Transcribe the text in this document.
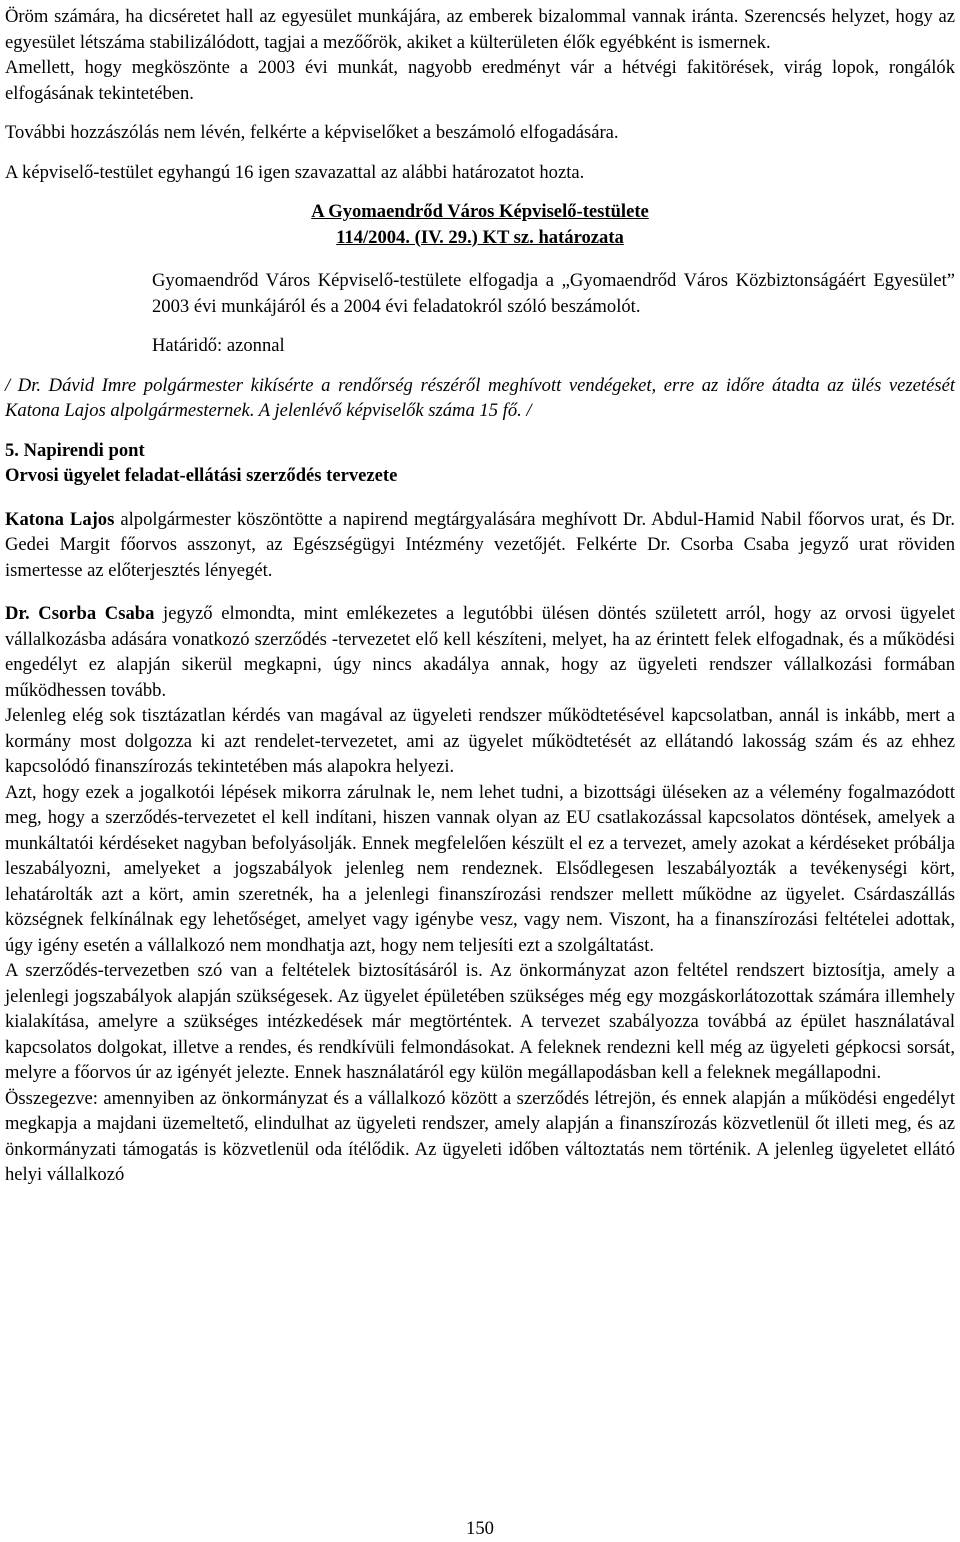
Öröm számára, ha dicséretet hall az egyesület munkájára, az emberek bizalommal vannak iránta. Szerencsés helyzet, hogy az egyesület létszáma stabilizálódott, tagjai a mezőőrök, akiket a külterületen élők egyébként is ismernek.

Amellett, hogy megköszönte a 2003 évi munkát, nagyobb eredményt vár a hétvégi fakitörések, virág lopok, rongálók elfogásának tekintetében.

További hozzászólás nem lévén, felkérte a képviselőket a beszámoló elfogadására.

A képviselő-testület egyhangú 16 igen szavazattal az alábbi határozatot hozta.

A Gyomaendrőd Város Képviselő-testülete

114/2004. (IV. 29.) KT sz. határozata

Gyomaendrőd Város Képviselő-testülete elfogadja a „Gyomaendrőd Város Közbiztonságáért Egyesület” 2003 évi munkájáról és a 2004 évi feladatokról szóló beszámolót.

Határidő: azonnal

/ Dr. Dávid Imre polgármester kikísérte a rendőrség részéről meghívott vendégeket, erre az időre átadta az ülés vezetését Katona Lajos alpolgármesternek. A jelenlévő képviselők száma 15 fő. /

5. Napirendi pont

Orvosi ügyelet feladat-ellátási szerződés tervezete

Katona Lajos alpolgármester köszöntötte a napirend megtárgyalására meghívott Dr. Abdul-Hamid Nabil főorvos urat, és Dr. Gedei Margit főorvos asszonyt, az Egészségügyi Intézmény vezetőjét. Felkérte Dr. Csorba Csaba jegyző urat röviden ismertesse az előterjesztés lényegét.

Dr. Csorba Csaba jegyző elmondta, mint emlékezetes a legutóbbi ülésen döntés született arról, hogy az orvosi ügyelet vállalkozásba adására vonatkozó szerződés -tervezetet elő kell készíteni, melyet, ha az érintett felek elfogadnak, és a működési engedélyt ez alapján sikerül megkapni, úgy nincs akadálya annak, hogy az ügyeleti rendszer vállalkozási formában működhessen tovább.

Jelenleg elég sok tisztázatlan kérdés van magával az ügyeleti rendszer működtetésével kapcsolatban, annál is inkább, mert a kormány most dolgozza ki azt rendelet-tervezetet, ami az ügyelet működtetését az ellátandó lakosság szám és az ehhez kapcsolódó finanszírozás tekintetében más alapokra helyezi.

Azt, hogy ezek a jogalkotói lépések mikorra zárulnak le, nem lehet tudni, a bizottsági üléseken az a vélemény fogalmazódott meg, hogy a szerződés-tervezetet el kell indítani, hiszen vannak olyan az EU csatlakozással kapcsolatos döntések, amelyek a munkáltatói kérdéseket nagyban befolyásolják. Ennek megfelelően készült el ez a tervezet, amely azokat a kérdéseket próbálja leszabályozni, amelyeket a jogszabályok jelenleg nem rendeznek. Elsődlegesen leszabályozták a tevékenységi kört, lehatárolták azt a kört, amin szeretnék, ha a jelenlegi finanszírozási rendszer mellett működne az ügyelet. Csárdaszállás községnek felkínálnak egy lehetőséget, amelyet vagy igénybe vesz, vagy nem. Viszont, ha a finanszírozási feltételei adottak, úgy igény esetén a vállalkozó nem mondhatja azt, hogy nem teljesíti ezt a szolgáltatást.

A szerződés-tervezetben szó van a feltételek biztosításáról is. Az önkormányzat azon feltétel rendszert biztosítja, amely a jelenlegi jogszabályok alapján szükségesek. Az ügyelet épületében szükséges még egy mozgáskorlátozottak számára illemhely kialakítása, amelyre a szükséges intézkedések már megtörténtek. A tervezet szabályozza továbbá az épület használatával kapcsolatos dolgokat, illetve a rendes, és rendkívüli felmondásokat. A feleknek rendezni kell még az ügyeleti gépkocsi sorsát, melyre a főorvos úr az igényét jelezte. Ennek használatáról egy külön megállapodásban kell a feleknek megállapodni.

Összegezve: amennyiben az önkormányzat és a vállalkozó között a szerződés létrejön, és ennek alapján a működési engedélyt megkapja a majdani üzemeltető, elindulhat az ügyeleti rendszer, amely alapján a finanszírozás közvetlenül őt illeti meg, és az önkormányzati támogatás is közvetlenül oda ítélődik. Az ügyeleti időben változtatás nem történik. A jelenleg ügyeletet ellátó helyi vállalkozó

150
